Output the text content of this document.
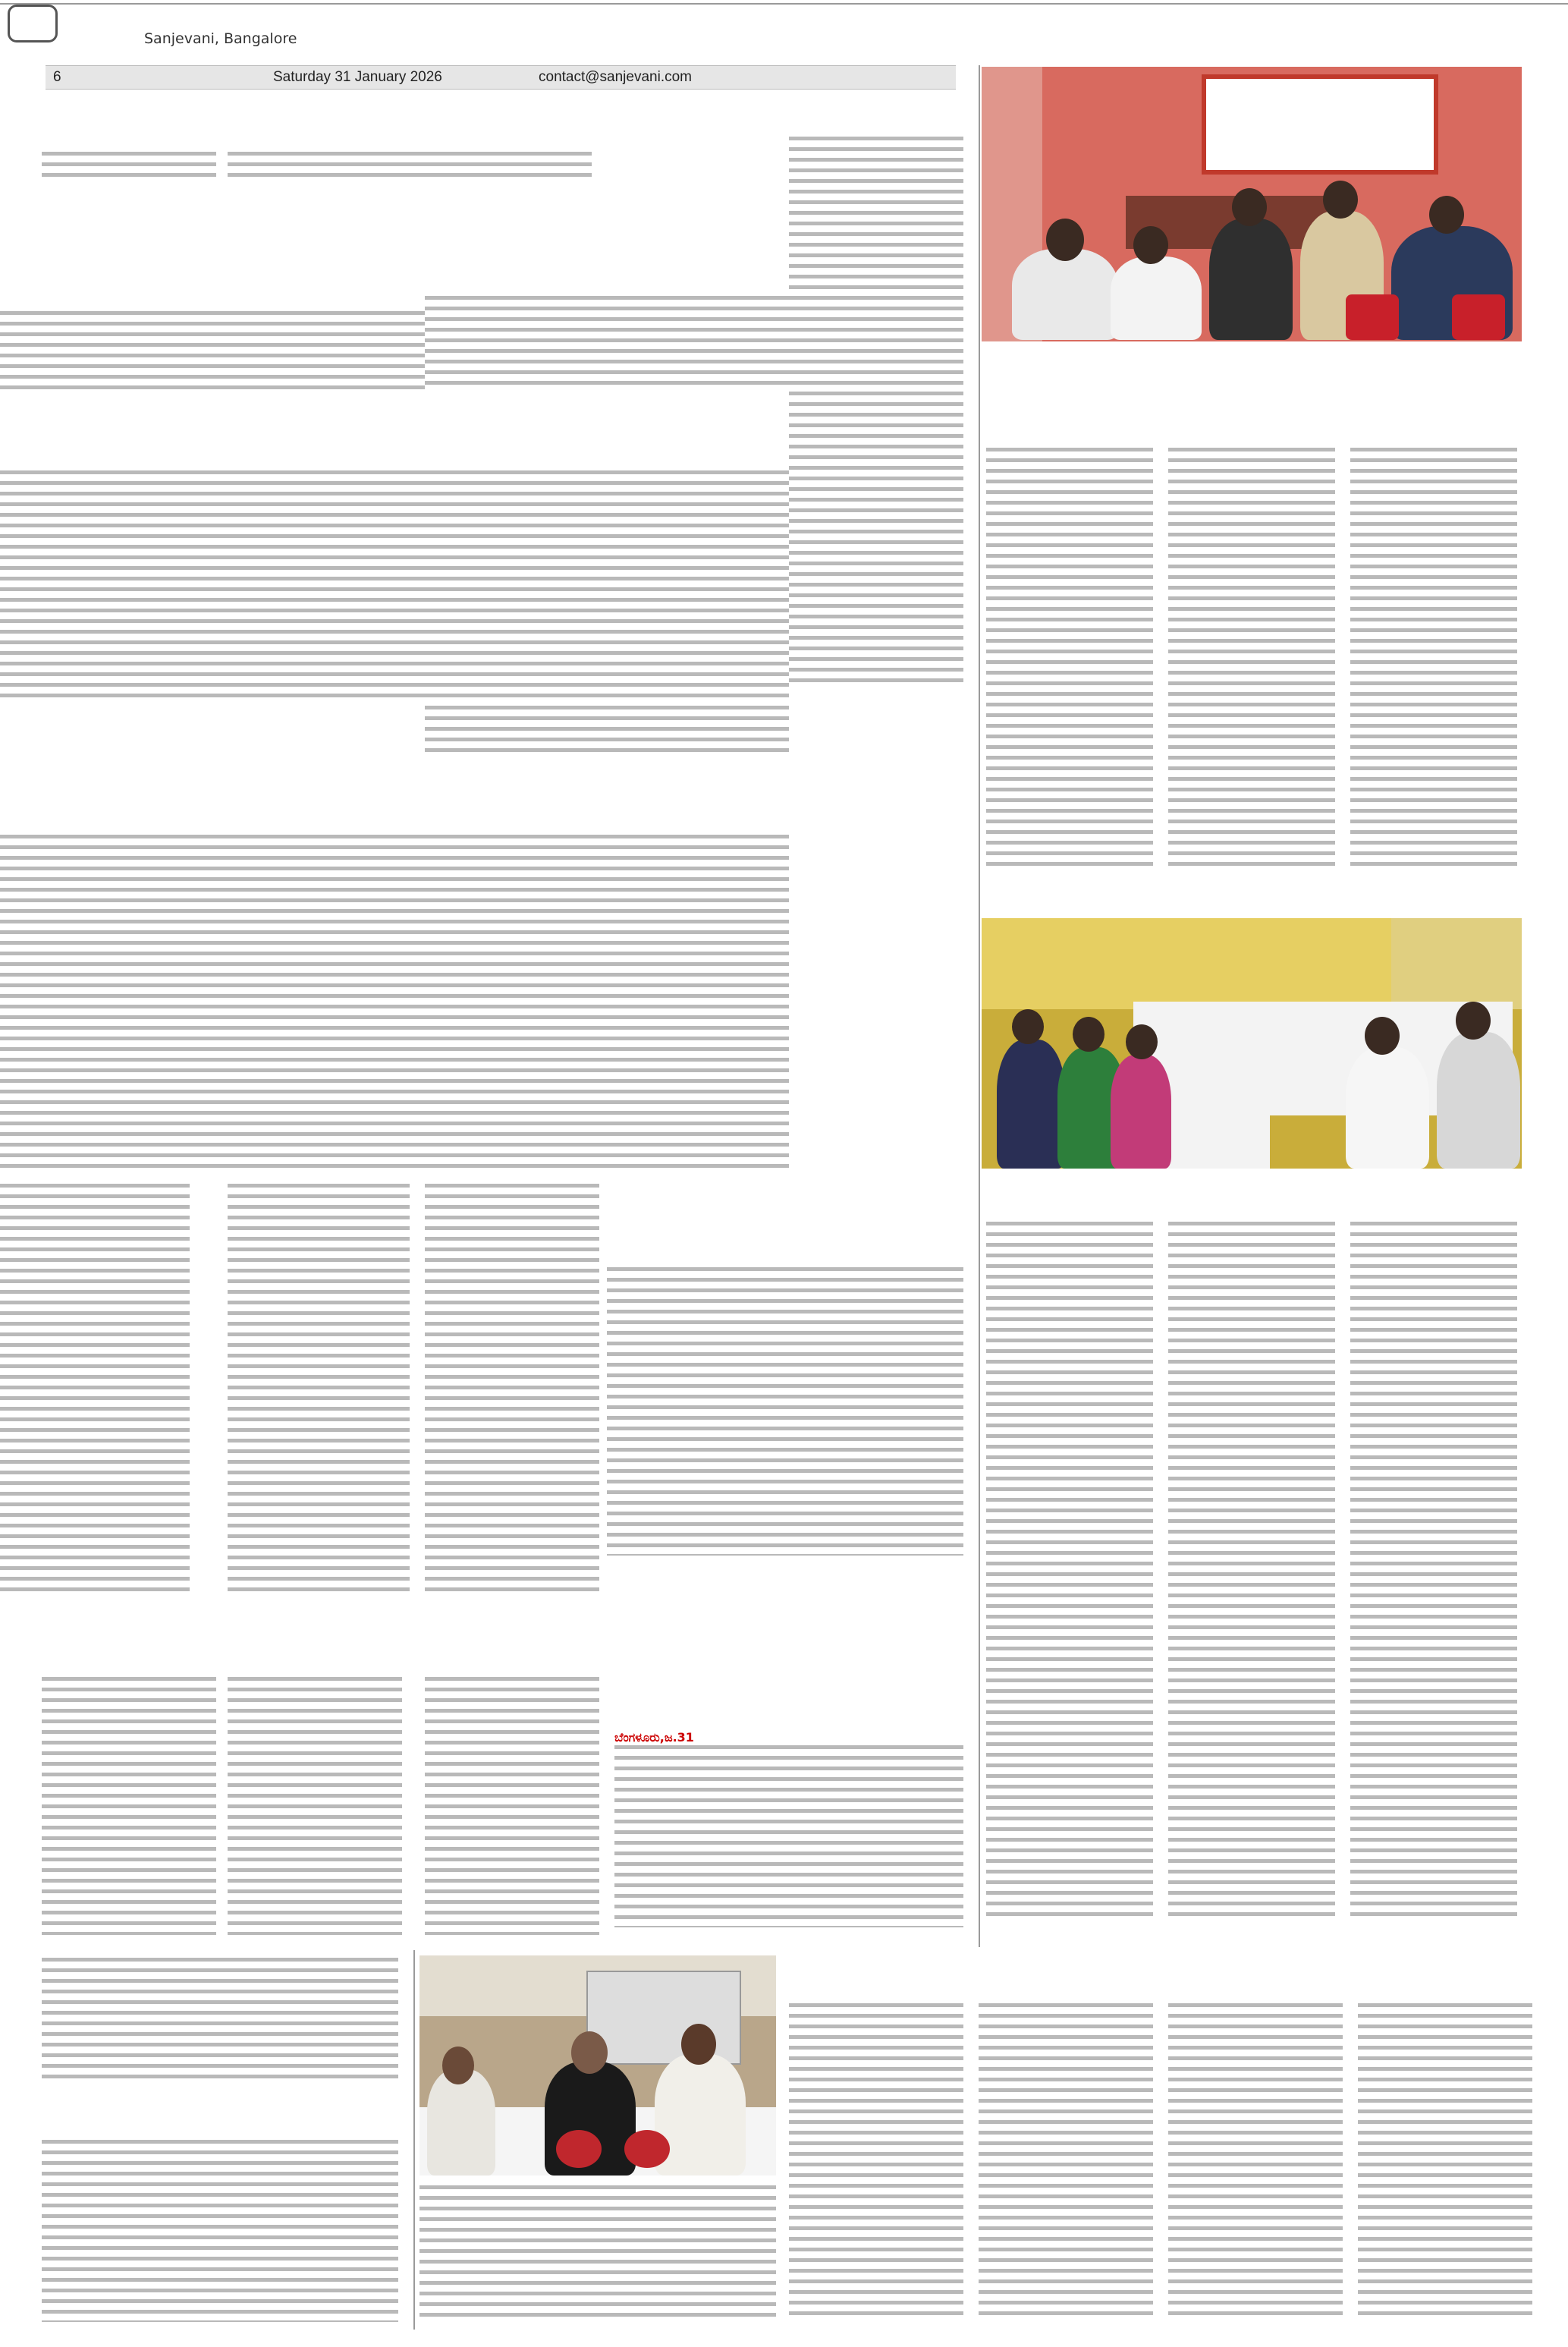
Sanjevani, Bangalore
6	Saturday 31 January 2026	contact@sanjevani.com
ಬೆಂಗಳೂರು,ಜ.31
